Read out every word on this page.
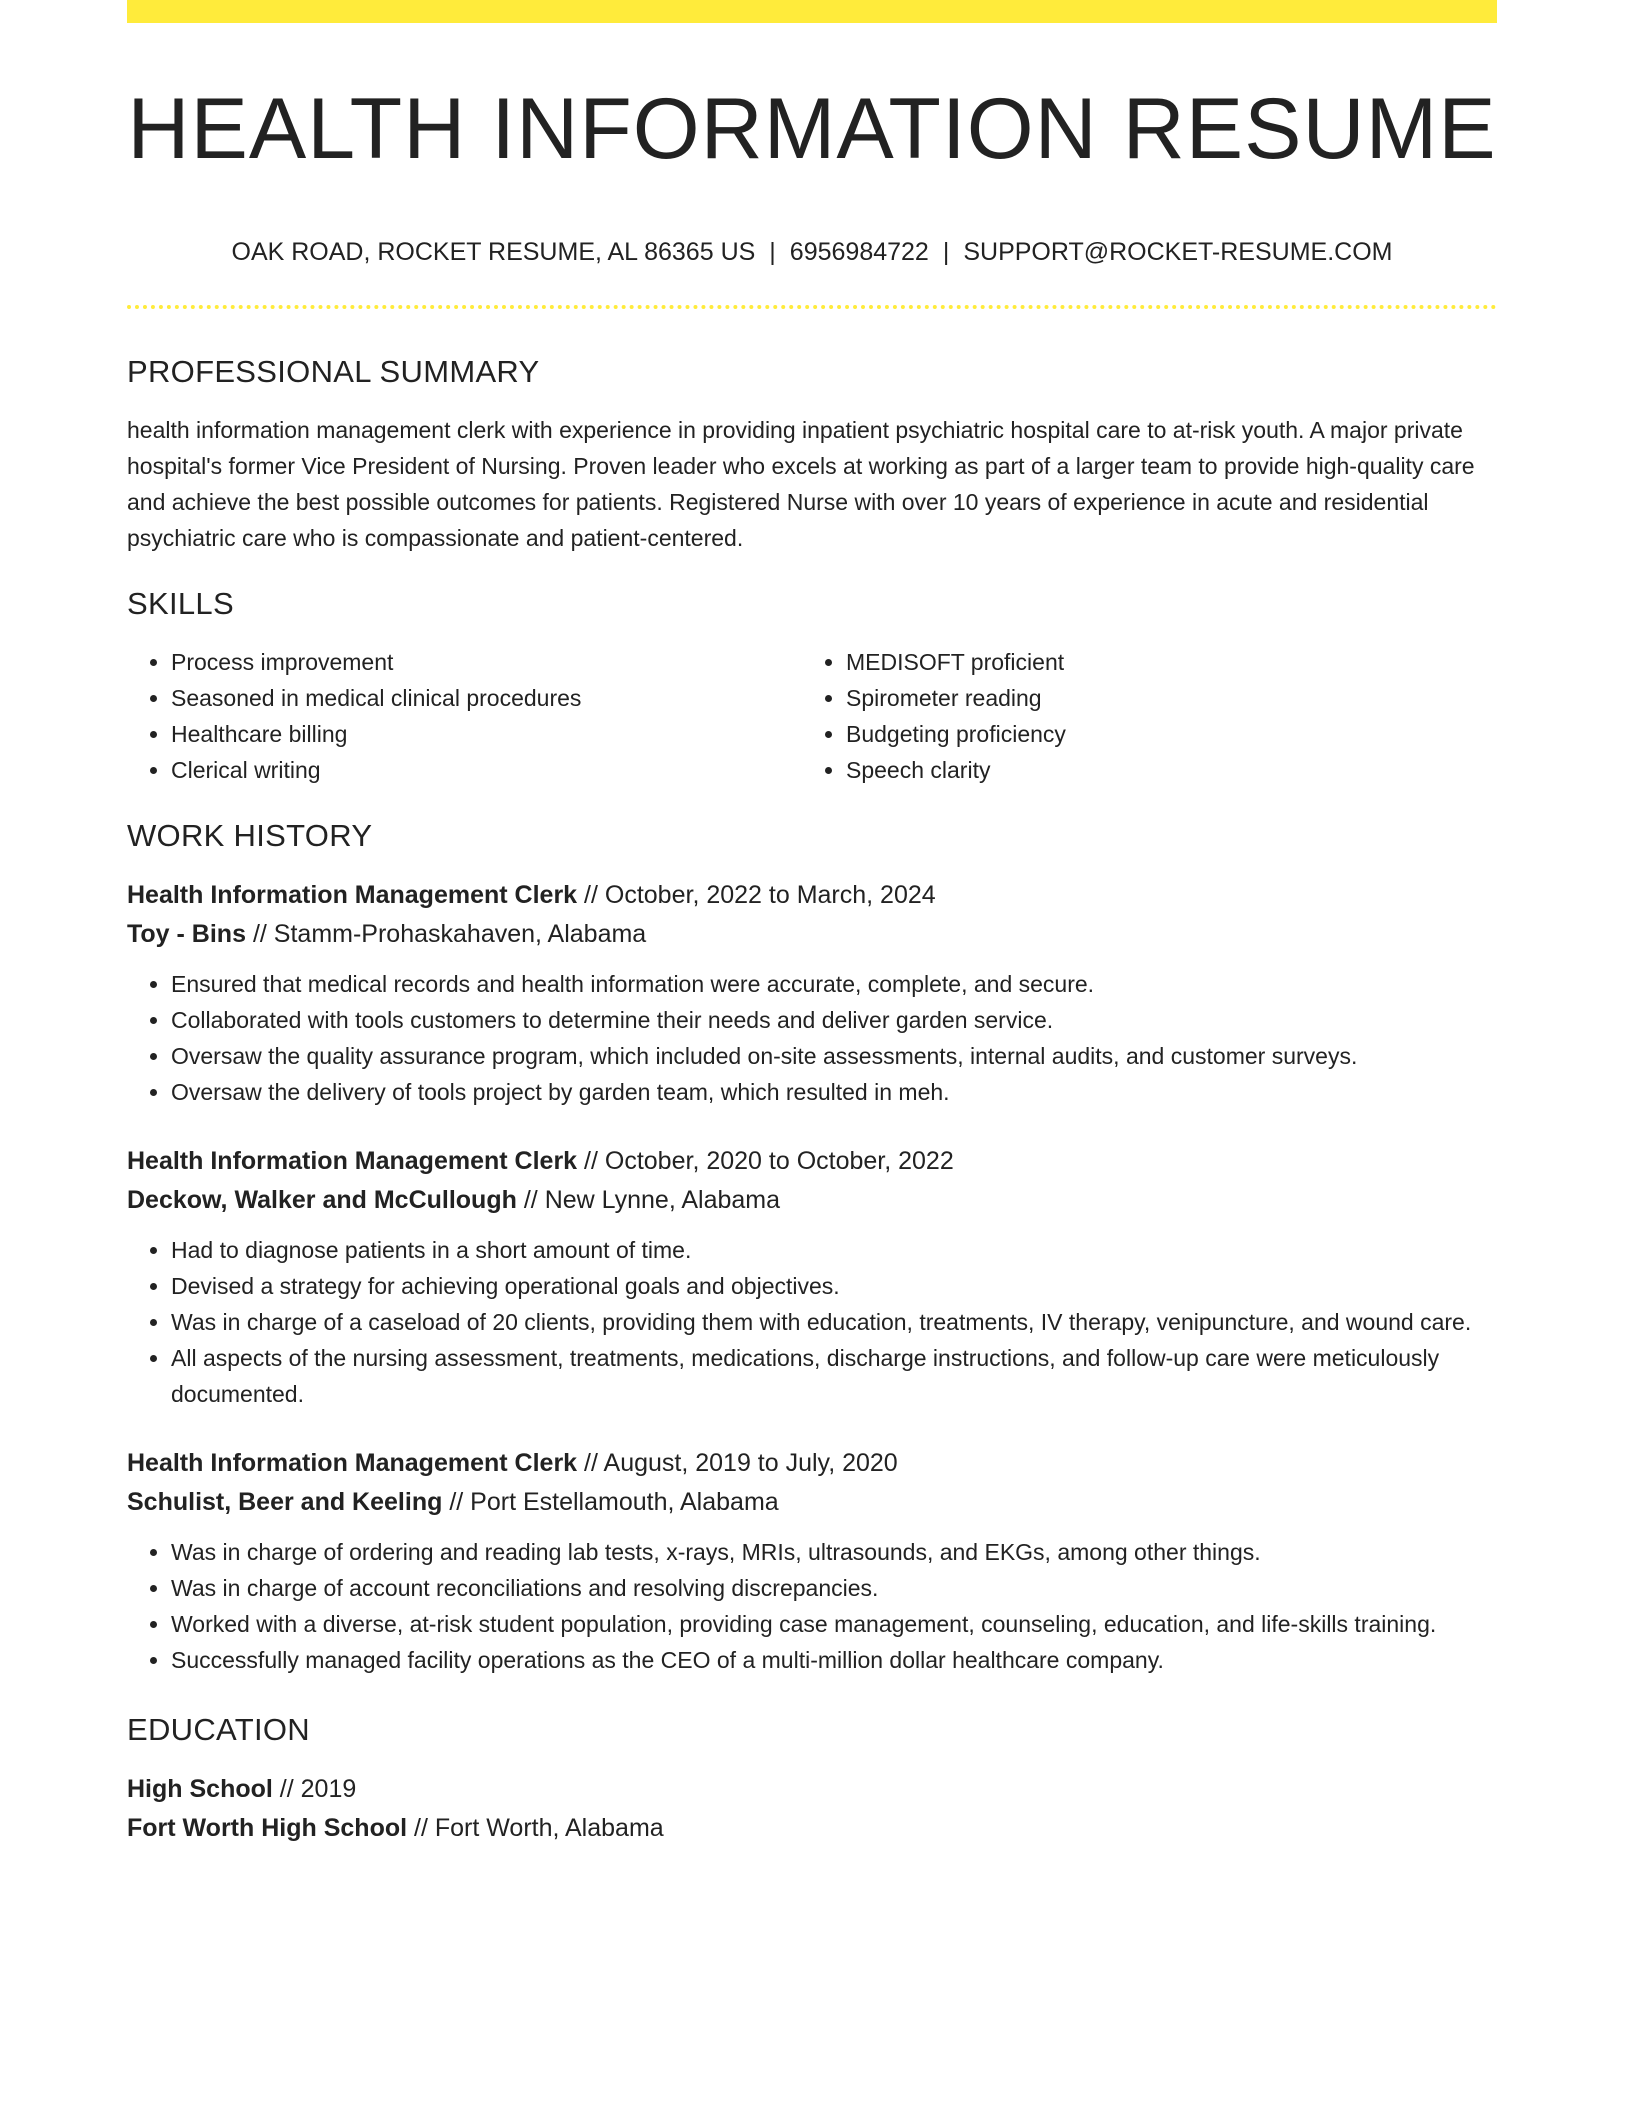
HEALTH INFORMATION RESUME
OAK ROAD, ROCKET RESUME, AL 86365 US | 6956984722 | SUPPORT@ROCKET-RESUME.COM
PROFESSIONAL SUMMARY

health information management clerk with experience in providing inpatient psychiatric hospital care to at-risk youth. A major private hospital's former Vice President of Nursing. Proven leader who excels at working as part of a larger team to provide high-quality care and achieve the best possible outcomes for patients. Registered Nurse with over 10 years of experience in acute and residential psychiatric care who is compassionate and patient-centered.

SKILLS
• Process improvement
• Seasoned in medical clinical procedures
• Healthcare billing
• Clerical writing
• MEDISOFT proficient
• Spirometer reading
• Budgeting proficiency
• Speech clarity
WORK HISTORY
Health Information Management Clerk // October, 2022 to March, 2024
Toy - Bins // Stamm-Prohaskahaven, Alabama
• Ensured that medical records and health information were accurate, complete, and secure.
• Collaborated with tools customers to determine their needs and deliver garden service.
• Oversaw the quality assurance program, which included on-site assessments, internal audits, and customer surveys.
• Oversaw the delivery of tools project by garden team, which resulted in meh.
Health Information Management Clerk // October, 2020 to October, 2022
Deckow, Walker and McCullough // New Lynne, Alabama
• Had to diagnose patients in a short amount of time.
• Devised a strategy for achieving operational goals and objectives.
• Was in charge of a caseload of 20 clients, providing them with education, treatments, IV therapy, venipuncture, and wound care.
• All aspects of the nursing assessment, treatments, medications, discharge instructions, and follow-up care were meticulously documented.
Health Information Management Clerk // August, 2019 to July, 2020
Schulist, Beer and Keeling // Port Estellamouth, Alabama
• Was in charge of ordering and reading lab tests, x-rays, MRIs, ultrasounds, and EKGs, among other things.
• Was in charge of account reconciliations and resolving discrepancies.
• Worked with a diverse, at-risk student population, providing case management, counseling, education, and life-skills training.
• Successfully managed facility operations as the CEO of a multi-million dollar healthcare company.
EDUCATION
High School // 2019
Fort Worth High School // Fort Worth, Alabama
